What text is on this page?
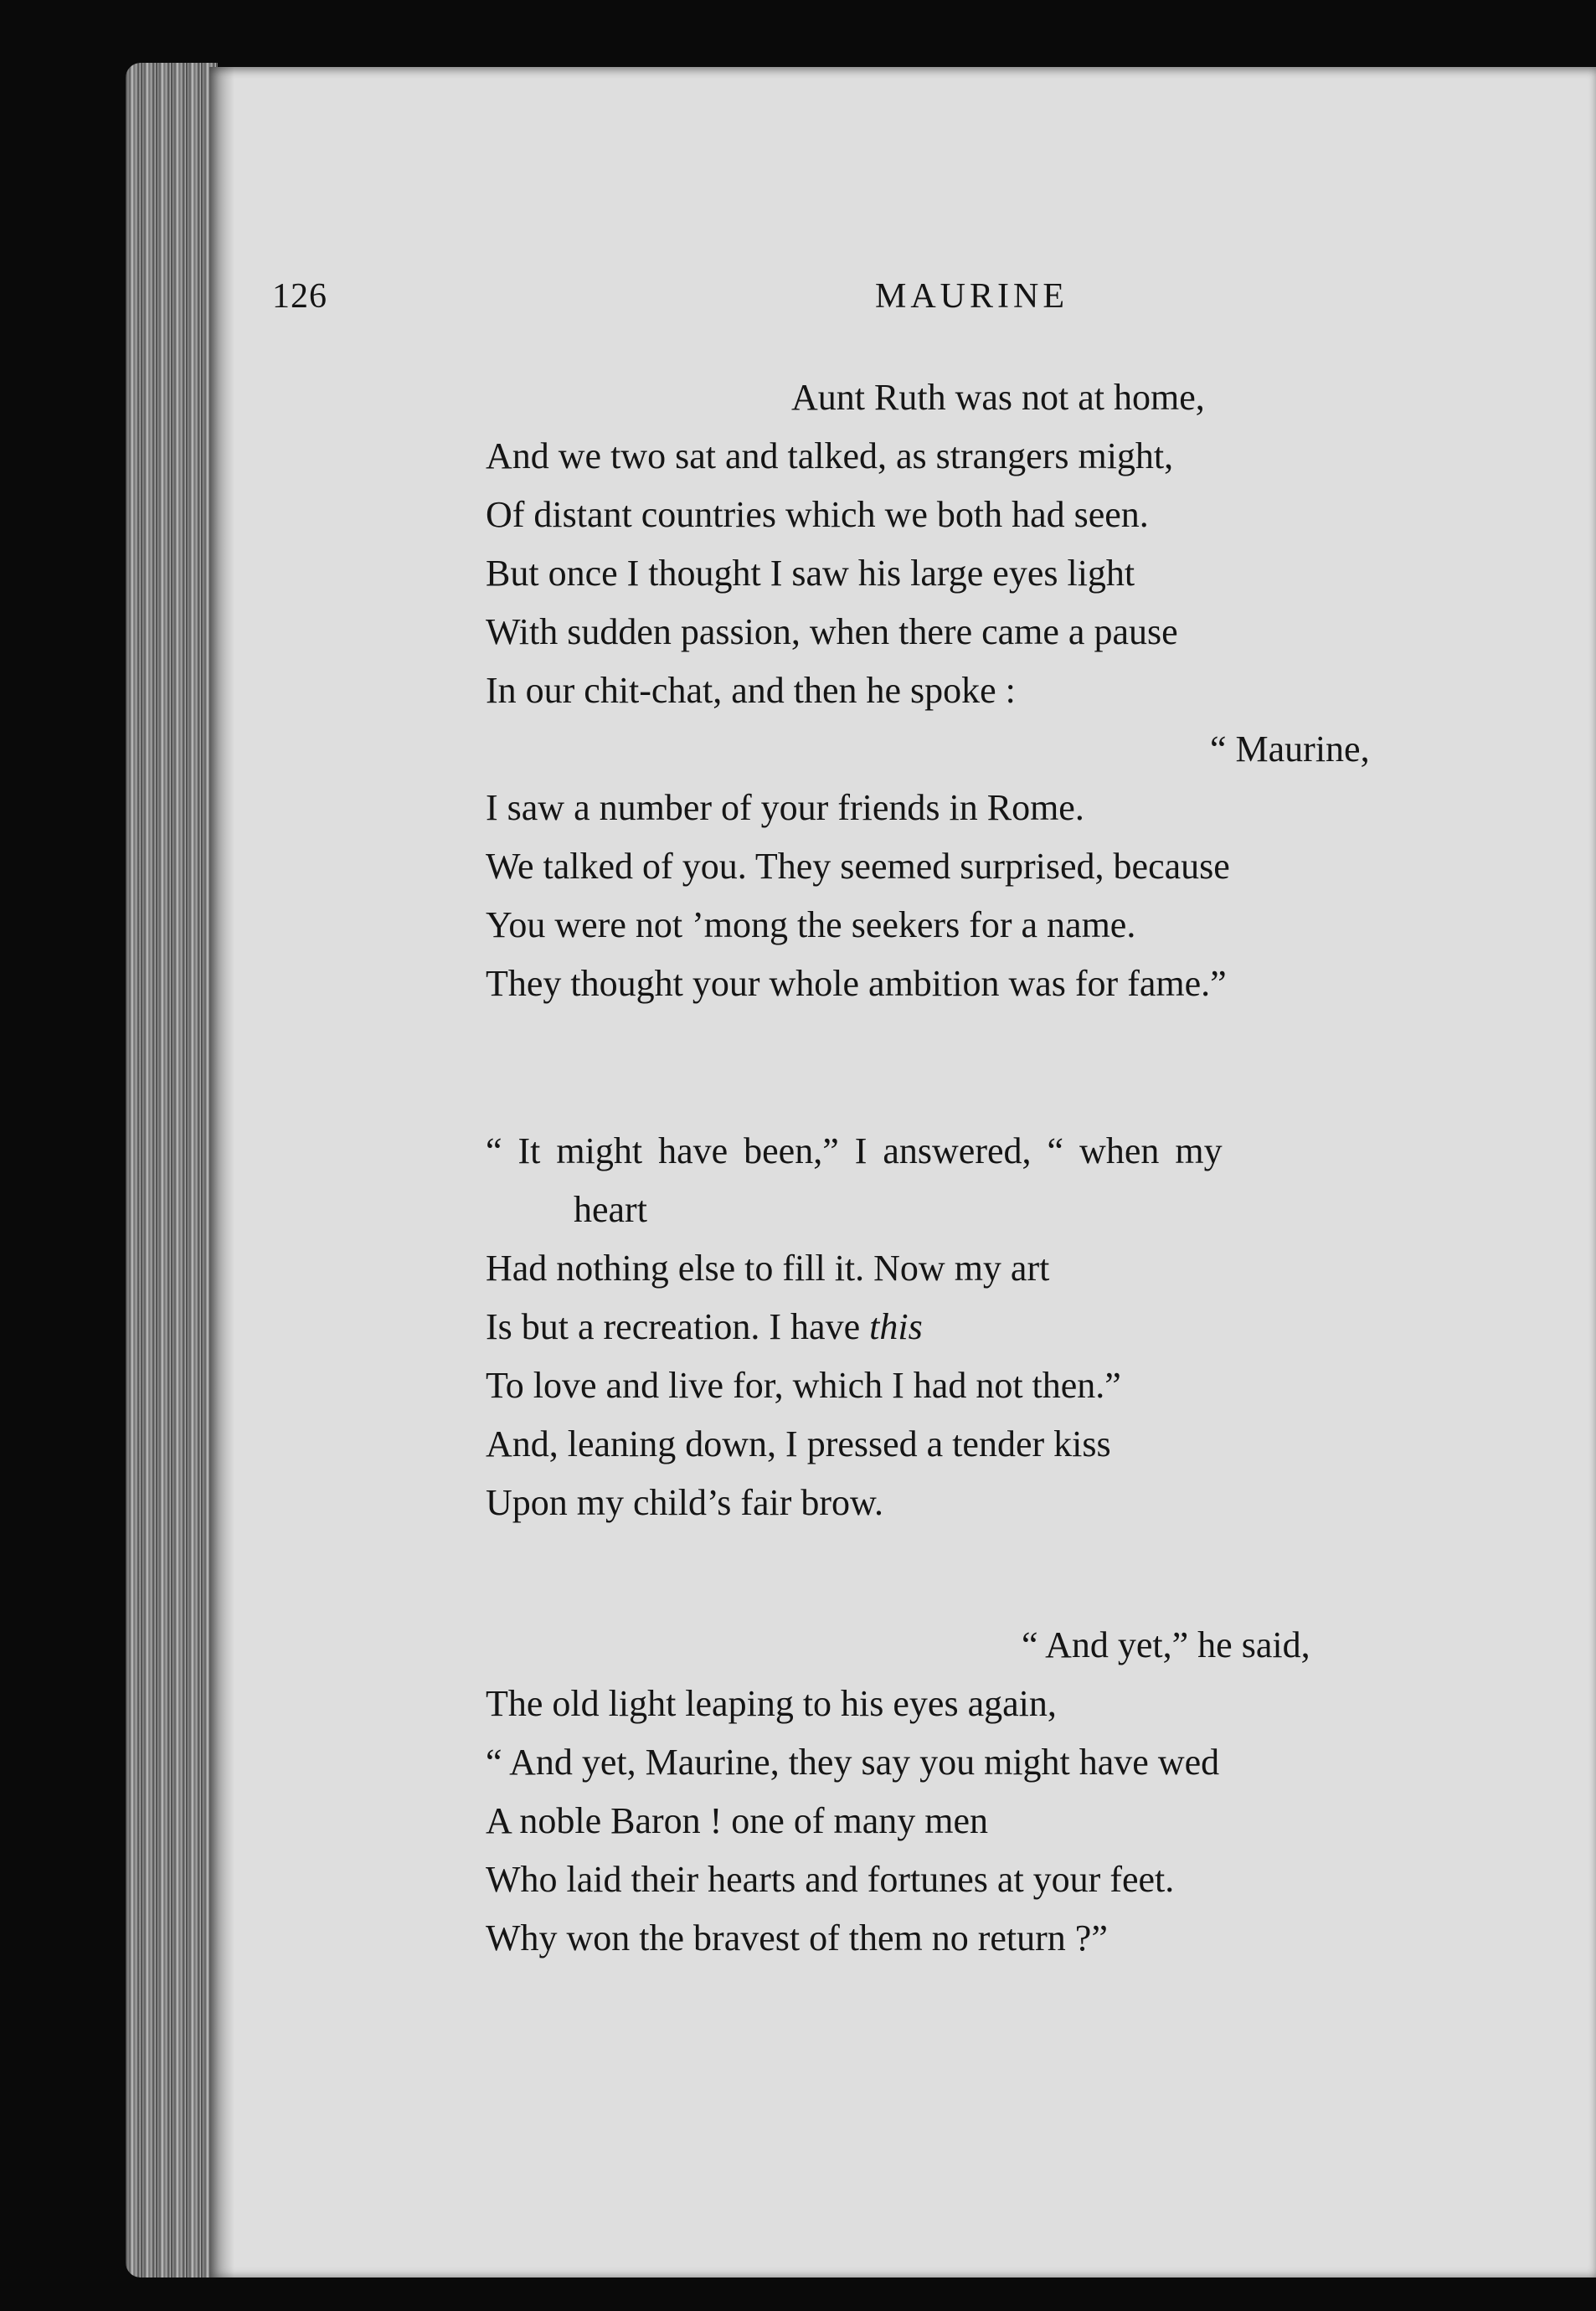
126	MAURINE
Aunt Ruth was not at home,
And we two sat and talked, as strangers might,
Of distant countries which we both had seen.
But once I thought I saw his large eyes light
With sudden passion, when there came a pause
In our chit-chat, and then he spoke :
“ Maurine,
I saw a number of your friends in Rome.
We talked of you. They seemed surprised, because
You were not ’mong the seekers for a name.
They thought your whole ambition was for fame.”
“ It might have been,” I answered, “ when my
heart
Had nothing else to fill it. Now my art
Is but a recreation. I have this
To love and live for, which I had not then.”
And, leaning down, I pressed a tender kiss
Upon my child’s fair brow.
“ And yet,” he said,
The old light leaping to his eyes again,
“ And yet, Maurine, they say you might have wed
A noble Baron ! one of many men
Who laid their hearts and fortunes at your feet.
Why won the bravest of them no return ?”
